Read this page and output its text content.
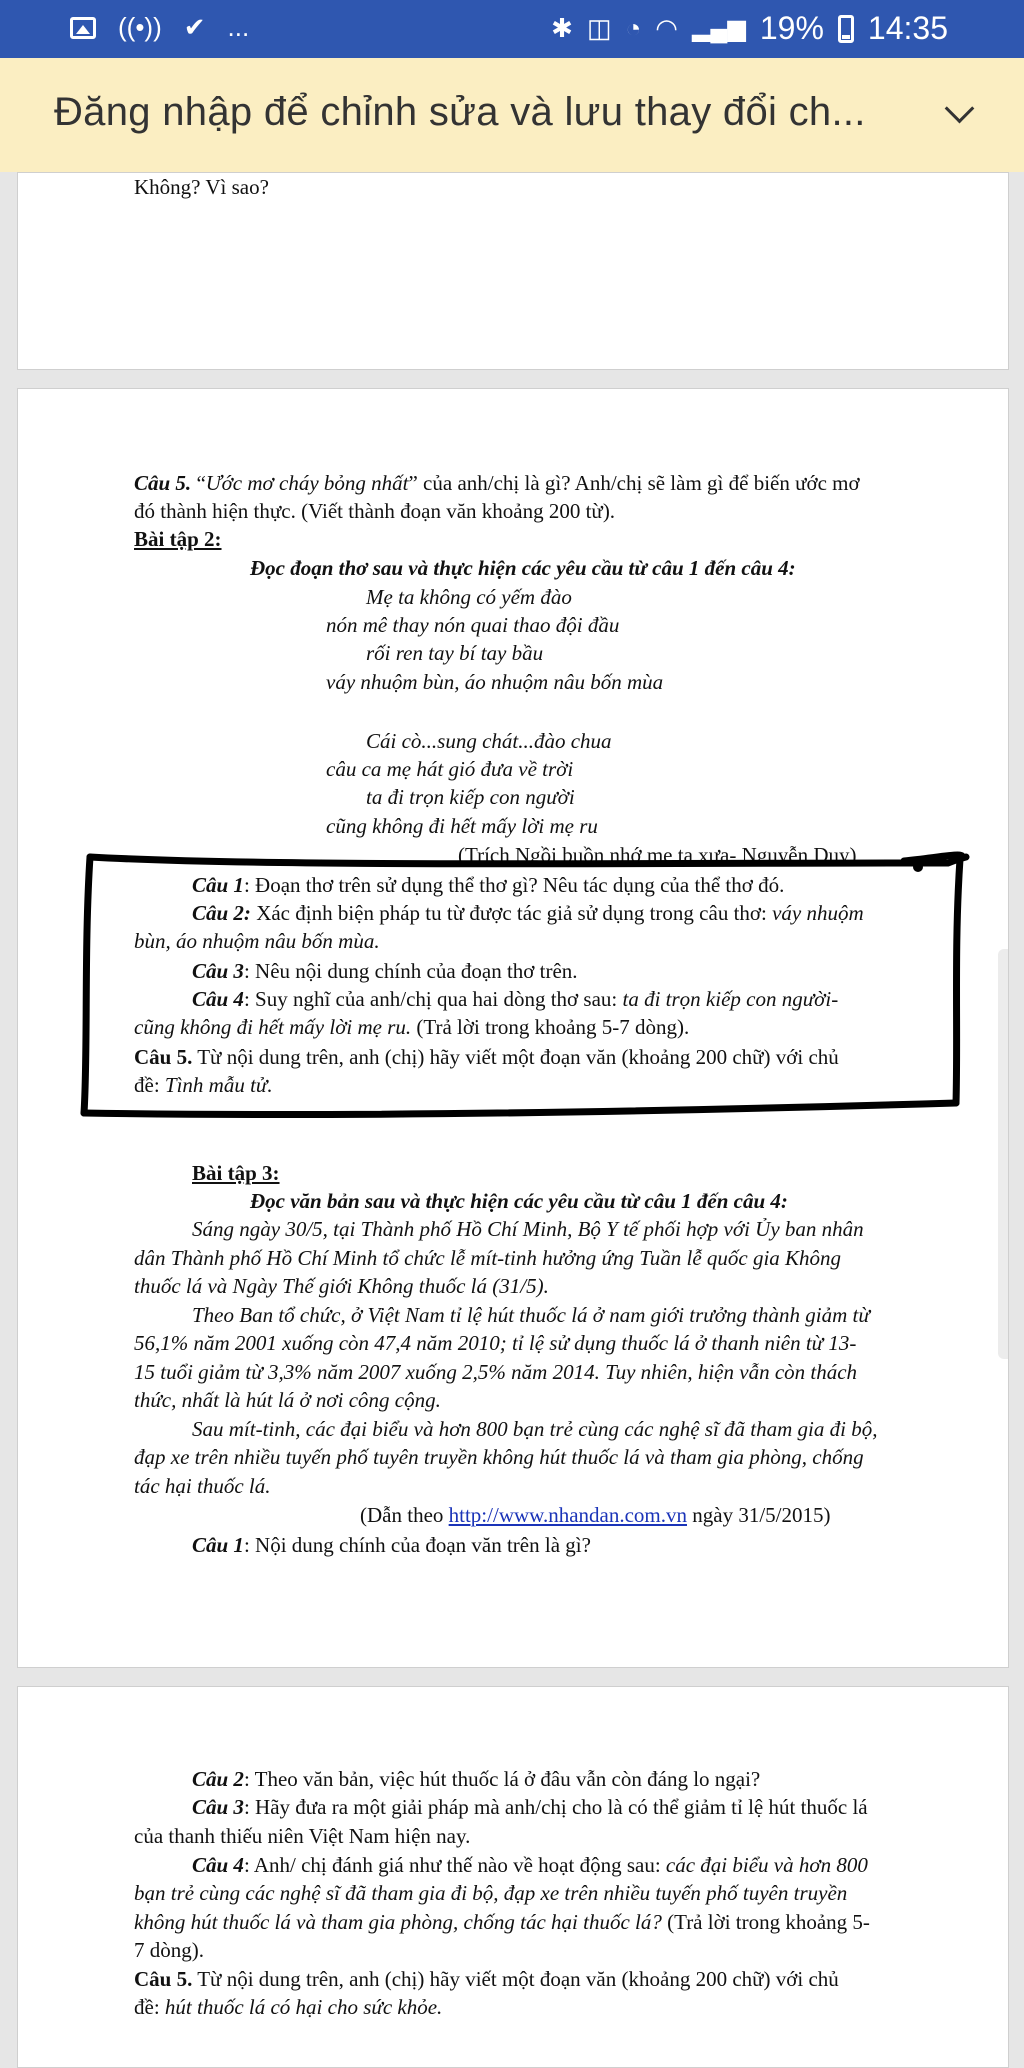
((•)) ✔ ...	✱ ◫ ◔ ◠ ▂▄▆ 19% 14:35
Đăng nhập để chỉnh sửa và lưu thay đổi ch...
Không? Vì sao?
Câu 5. “Ước mơ cháy bỏng nhất” của anh/chị là gì? Anh/chị sẽ làm gì để biến ước mơ
đó thành hiện thực. (Viết thành đoạn văn khoảng 200 từ).
Bài tập 2:
Đọc đoạn thơ sau và thực hiện các yêu cầu từ câu 1 đến câu 4:
Mẹ ta không có yếm đào
nón mê thay nón quai thao đội đầu
rối ren tay bí tay bầu
váy nhuộm bùn, áo nhuộm nâu bốn mùa
Cái cò...sung chát...đào chua
câu ca mẹ hát gió đưa về trời
ta đi trọn kiếp con người
cũng không đi hết mấy lời mẹ ru
(Trích Ngồi buồn nhớ mẹ ta xưa- Nguyễn Duy)
Câu 1: Đoạn thơ trên sử dụng thể thơ gì? Nêu tác dụng của thể thơ đó.
Câu 2: Xác định biện pháp tu từ được tác giả sử dụng trong câu thơ: váy nhuộm
bùn, áo nhuộm nâu bốn mùa.
Câu 3: Nêu nội dung chính của đoạn thơ trên.
Câu 4: Suy nghĩ của anh/chị qua hai dòng thơ sau: ta đi trọn kiếp con người-
cũng không đi hết mấy lời mẹ ru. (Trả lời trong khoảng 5-7 dòng).
Câu 5. Từ nội dung trên, anh (chị) hãy viết một đoạn văn (khoảng 200 chữ) với chủ
đề: Tình mẫu tử.
Bài tập 3:
Đọc văn bản sau và thực hiện các yêu cầu từ câu 1 đến câu 4:
Sáng ngày 30/5, tại Thành phố Hồ Chí Minh, Bộ Y tế phối hợp với Ủy ban nhân
dân Thành phố Hồ Chí Minh tổ chức lễ mít-tinh hưởng ứng Tuần lễ quốc gia Không
thuốc lá và Ngày Thế giới Không thuốc lá (31/5).
Theo Ban tổ chức, ở Việt Nam tỉ lệ hút thuốc lá ở nam giới trưởng thành giảm từ
56,1% năm 2001 xuống còn 47,4 năm 2010; tỉ lệ sử dụng thuốc lá ở thanh niên từ 13-
15 tuổi giảm từ 3,3% năm 2007 xuống 2,5% năm 2014. Tuy nhiên, hiện vẫn còn thách
thức, nhất là hút lá ở nơi công cộng.
Sau mít-tinh, các đại biểu và hơn 800 bạn trẻ cùng các nghệ sĩ đã tham gia đi bộ,
đạp xe trên nhiều tuyến phố tuyên truyền không hút thuốc lá và tham gia phòng, chống
tác hại thuốc lá.
(Dẫn theo http://www.nhandan.com.vn ngày 31/5/2015)
Câu 1: Nội dung chính của đoạn văn trên là gì?
Câu 2: Theo văn bản, việc hút thuốc lá ở đâu vẫn còn đáng lo ngại?
Câu 3: Hãy đưa ra một giải pháp mà anh/chị cho là có thể giảm tỉ lệ hút thuốc lá
của thanh thiếu niên Việt Nam hiện nay.
Câu 4: Anh/ chị đánh giá như thế nào về hoạt động sau: các đại biểu và hơn 800
bạn trẻ cùng các nghệ sĩ đã tham gia đi bộ, đạp xe trên nhiều tuyến phố tuyên truyền
không hút thuốc lá và tham gia phòng, chống tác hại thuốc lá? (Trả lời trong khoảng 5-
7 dòng).
Câu 5. Từ nội dung trên, anh (chị) hãy viết một đoạn văn (khoảng 200 chữ) với chủ
đề: hút thuốc lá có hại cho sức khỏe.
